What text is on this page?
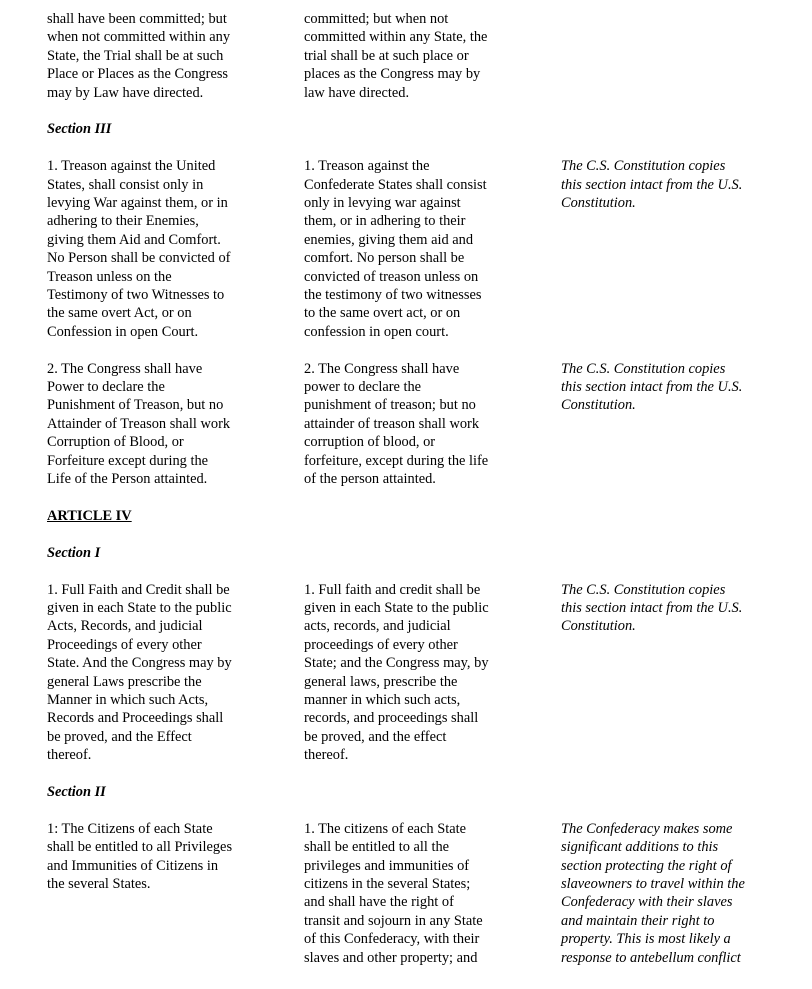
shall have been committed; but
when not committed within any
State, the Trial shall be at such
Place or Places as the Congress
may by Law have directed.

committed; but when not
committed within any State, the
trial shall be at such place or
places as the Congress may by
law have directed.

Section III

1. Treason against the United
States, shall consist only in
levying War against them, or in
adhering to their Enemies,
giving them Aid and Comfort.
No Person shall be convicted of
Treason unless on the
Testimony of two Witnesses to
the same overt Act, or on
Confession in open Court.

1. Treason against the
Confederate States shall consist
only in levying war against
them, or in adhering to their
enemies, giving them aid and
comfort. No person shall be
convicted of treason unless on
the testimony of two witnesses
to the same overt act, or on
confession in open court.

The C.S. Constitution copies
this section intact from the U.S.
Constitution.

2. The Congress shall have
Power to declare the
Punishment of Treason, but no
Attainder of Treason shall work
Corruption of Blood, or
Forfeiture except during the
Life of the Person attainted.

2. The Congress shall have
power to declare the
punishment of treason; but no
attainder of treason shall work
corruption of blood, or
forfeiture, except during the life
of the person attainted.

The C.S. Constitution copies
this section intact from the U.S.
Constitution.

ARTICLE IV

Section I

1. Full Faith and Credit shall be
given in each State to the public
Acts, Records, and judicial
Proceedings of every other
State. And the Congress may by
general Laws prescribe the
Manner in which such Acts,
Records and Proceedings shall
be proved, and the Effect
thereof.

1. Full faith and credit shall be
given in each State to the public
acts, records, and judicial
proceedings of every other
State; and the Congress may, by
general laws, prescribe the
manner in which such acts,
records, and proceedings shall
be proved, and the effect
thereof.

The C.S. Constitution copies
this section intact from the U.S.
Constitution.

Section II

1: The Citizens of each State
shall be entitled to all Privileges
and Immunities of Citizens in
the several States.

1. The citizens of each State
shall be entitled to all the
privileges and immunities of
citizens in the several States;
and shall have the right of
transit and sojourn in any State
of this Confederacy, with their
slaves and other property; and

The Confederacy makes some
significant additions to this
section protecting the right of
slaveowners to travel within the
Confederacy with their slaves
and maintain their right to
property. This is most likely a
response to antebellum conflict
